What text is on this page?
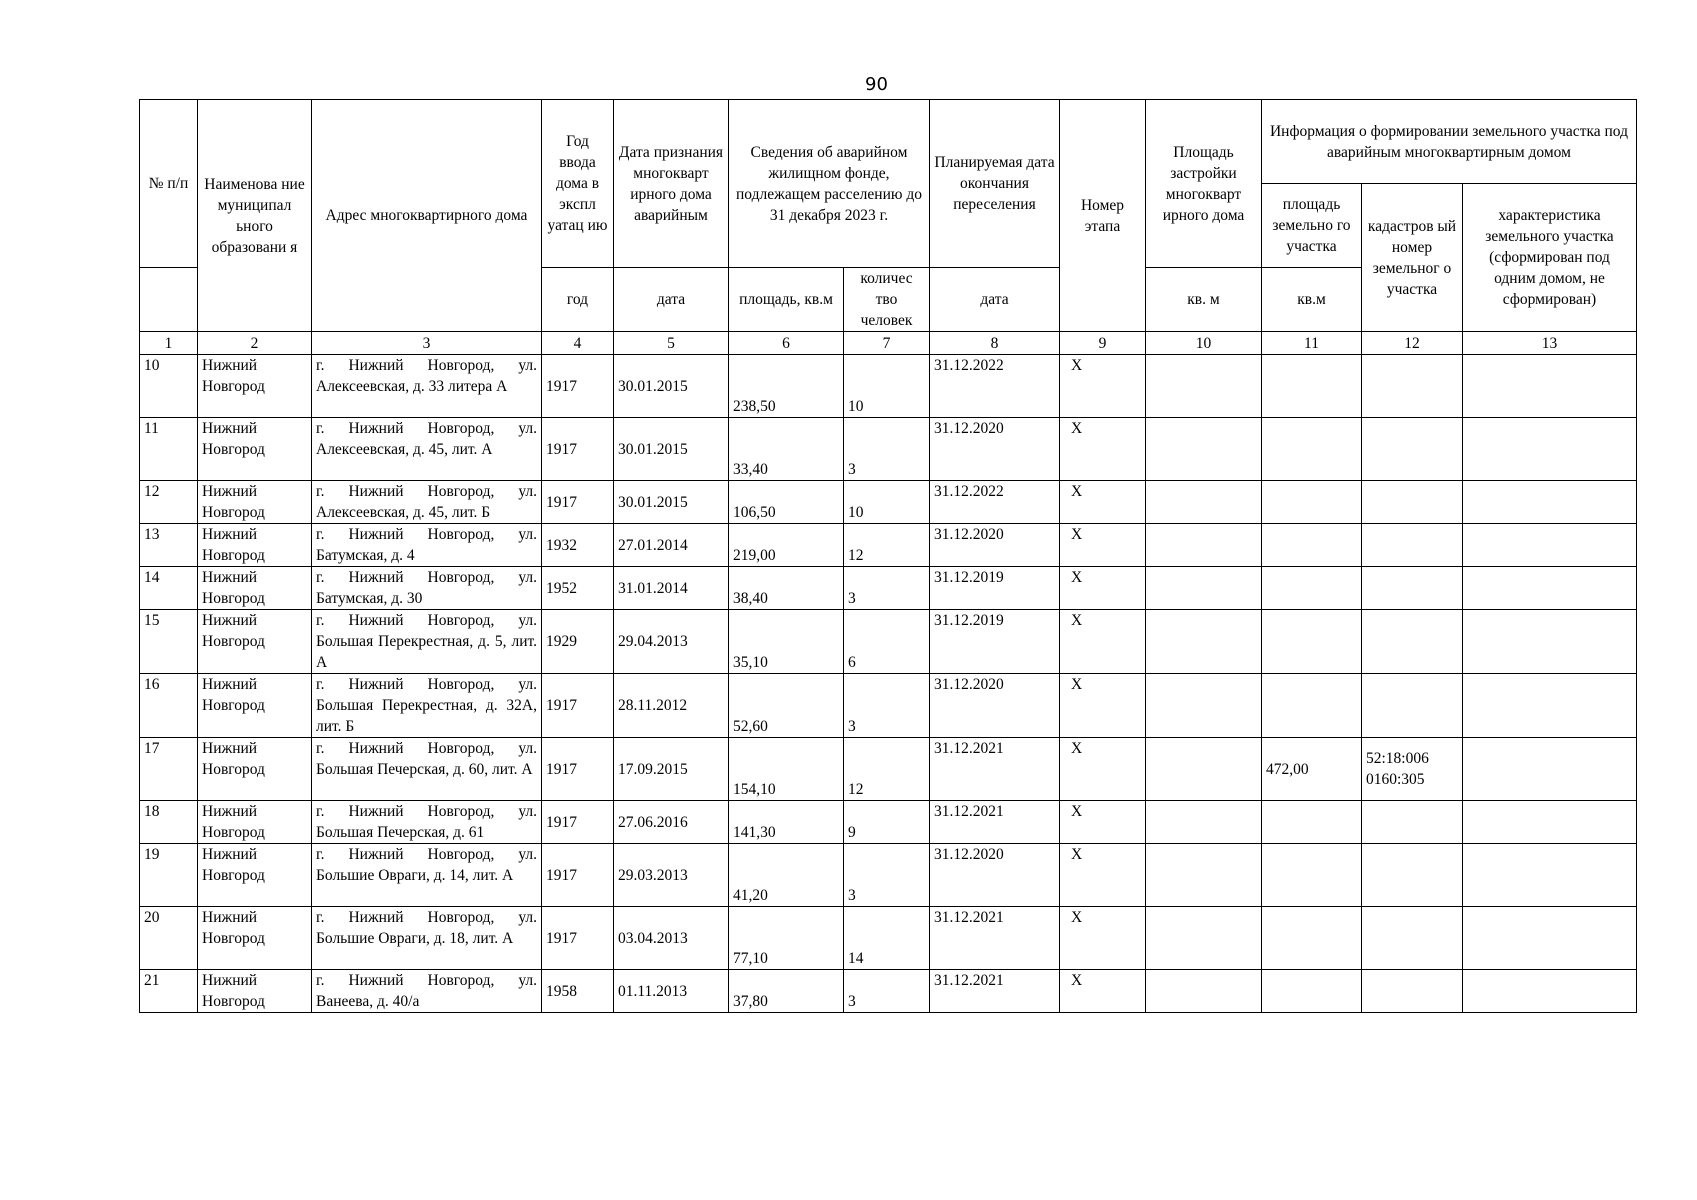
90
№ п/п	Наименова ние муниципал ьного образовани я	Адрес многоквартирного дома	Год ввода дома в экспл уатац ию	Дата признания многокварт ирного дома аварийным	Сведения об аварийном жилищном фонде, подлежащем расселению до 31 декабря 2023 г.		Планируемая дата окончания переселения	Номер этапа	Площадь застройки многокварт ирного дома	Информация о формировании земельного участка под аварийным многоквартирным домом		
										площадь земельно го участка	кадастров ый номер земельног о участка	характеристика земельного участка (сформирован под одним домом, не сформирован)
			год	дата	площадь, кв.м	количес тво человек	дата		кв. м	кв.м		
1	2	3	4	5	6	7	8	9	10	11	12	13
10	Нижний Новгород	г. Нижний Новгород, ул. Алексеевская, д. 33 литера А	1917	30.01.2015	238,50	10	31.12.2022	Х				
11	Нижний Новгород	г. Нижний Новгород, ул. Алексеевская, д. 45, лит. А	1917	30.01.2015	33,40	3	31.12.2020	Х				
12	Нижний Новгород	г. Нижний Новгород, ул. Алексеевская, д. 45, лит. Б	1917	30.01.2015	106,50	10	31.12.2022	Х				
13	Нижний Новгород	г. Нижний Новгород, ул. Батумская, д. 4	1932	27.01.2014	219,00	12	31.12.2020	Х				
14	Нижний Новгород	г. Нижний Новгород, ул. Батумская, д. 30	1952	31.01.2014	38,40	3	31.12.2019	Х				
15	Нижний Новгород	г. Нижний Новгород, ул. Большая Перекрестная, д. 5, лит. А	1929	29.04.2013	35,10	6	31.12.2019	Х				
16	Нижний Новгород	г. Нижний Новгород, ул. Большая Перекрестная, д. 32А, лит. Б	1917	28.11.2012	52,60	3	31.12.2020	Х				
17	Нижний Новгород	г. Нижний Новгород, ул. Большая Печерская, д. 60, лит. А	1917	17.09.2015	154,10	12	31.12.2021	Х		472,00	52:18:006 0160:305	
18	Нижний Новгород	г. Нижний Новгород, ул. Большая Печерская, д. 61	1917	27.06.2016	141,30	9	31.12.2021	Х				
19	Нижний Новгород	г. Нижний Новгород, ул. Большие Овраги, д. 14, лит. А	1917	29.03.2013	41,20	3	31.12.2020	Х				
20	Нижний Новгород	г. Нижний Новгород, ул. Большие Овраги, д. 18, лит. А	1917	03.04.2013	77,10	14	31.12.2021	Х				
21	Нижний Новгород	г. Нижний Новгород, ул. Ванеева, д. 40/а	1958	01.11.2013	37,80	3	31.12.2021	Х				
